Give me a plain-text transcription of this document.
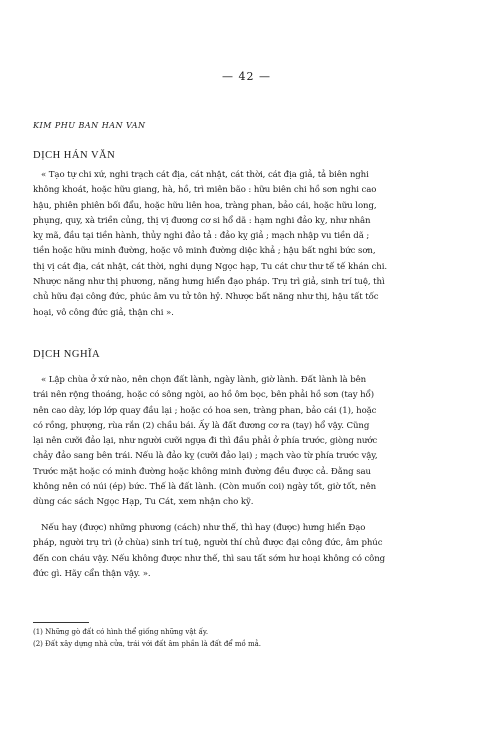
— 42 —
KIM PHU BAN HAN VAN
DỊCH HÁN VĂN
« Tạo tự chi xứ, nghi trạch cát địa, cát nhật, cát thời, cát địa giả, tả biên nghi
không khoát, hoặc hữu giang, hà, hồ, trì miên bão : hữu biên chi hồ sơn nghi cao
hậu, phiên phiên bối đẩu, hoặc hữu liên hoa, tràng phan, bảo cái, hoặc hữu long,
phụng, quy, xà triền củng, thị vị đương cơ si hổ dã : hạm nghi đảo kỵ, như nhân
kỵ mã, đầu tại tiền hành, thủy nghi đảo tả : đảo kỵ giả ; mạch nhập vu tiền dã ;
tiền hoặc hữu minh đường, hoặc vô minh đường diệc khả ; hậu bất nghi bức sơn,
thị vị cát địa, cát nhật, cát thời, nghi dụng Ngọc hạp, Tu cát chư thư tế tế khán chi.
Nhược năng như thị phương, năng hưng hiển đạo pháp. Trụ trì giả, sinh trí tuệ, thì
chủ hữu đại công đức, phúc âm vu tử tôn hỷ. Nhược bất năng như thị, hậu tất tốc
hoại, vô công đức giả, thận chi ».
DỊCH NGHĨA
« Lập chùa ở xứ nào, nên chọn đất lành, ngày lành, giờ lành. Đất lành là bên
trái nên rộng thoáng, hoặc có sông ngòi, ao hồ ôm bọc, bên phải hồ sơn (tay hổ)
nên cao dày, lớp lớp quay đầu lại ; hoặc có hoa sen, tràng phan, bảo cái (1), hoặc
có rồng, phượng, rùa rắn (2) chầu bái. Ấy là đất đương cơ ra (tay) hổ vậy. Cũng
lại nên cưỡi đảo lại, như người cưỡi ngựa đi thì đầu phải ở phía trước, giòng nước
chảy đảo sang bên trái. Nếu là đảo kỵ (cưỡi đảo lại) ; mạch vào từ phía trước vậy,
Trước mặt hoặc có minh đường hoặc không minh đường đều được cả. Đằng sau
không nên có núi (ép) bức. Thế là đất lành. (Còn muốn coi) ngày tốt, giờ tốt, nên
dùng các sách Ngọc Hạp, Tu Cát, xem nhận cho kỹ.
Nếu hay (được) những phương (cách) như thế, thì hay (được) hưng hiển Đạo
pháp, người trụ trì (ở chùa) sinh trí tuệ, người thí chủ được đại công đức, âm phúc
đến con cháu vậy. Nếu không được như thế, thì sau tất sớm hư hoại không có công
đức gì. Hãy cẩn thận vậy. ».
(1) Những gò đất có hình thể giống những vật ấy.
(2) Đất xây dựng nhà cửa, trái với đất âm phần là đất để mồ mả.
